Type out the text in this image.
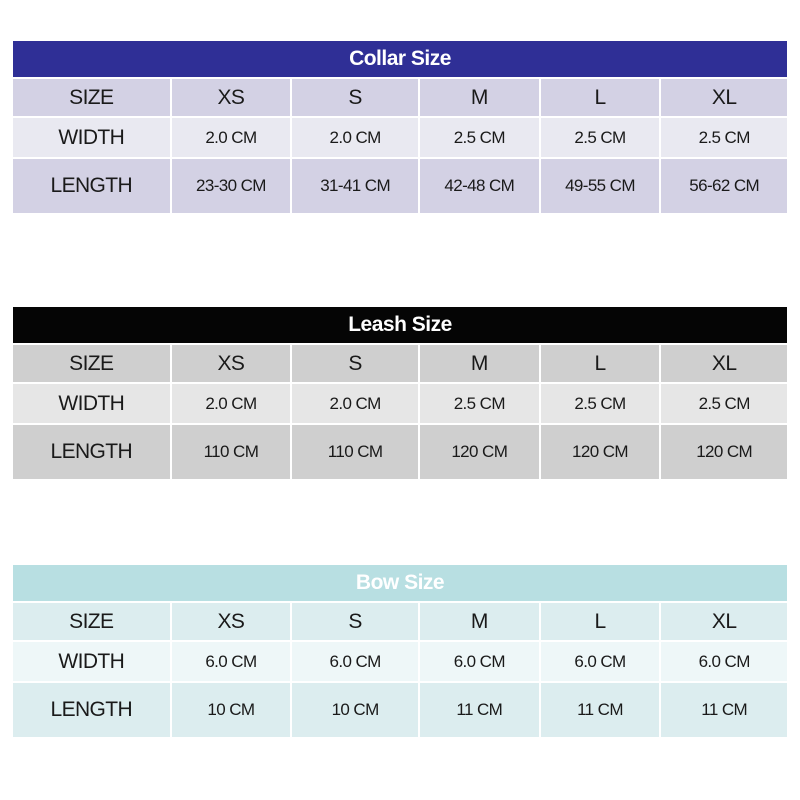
Collar Size
SIZE	XS	S	M	L	XL
WIDTH	2.0 CM	2.0 CM	2.5 CM	2.5 CM	2.5 CM
LENGTH	23-30 CM	31-41 CM	42-48 CM	49-55 CM	56-62 CM
Leash Size
SIZE	XS	S	M	L	XL
WIDTH	2.0 CM	2.0 CM	2.5 CM	2.5 CM	2.5 CM
LENGTH	110 CM	110 CM	120 CM	120 CM	120 CM
Bow Size
SIZE	XS	S	M	L	XL
WIDTH	6.0 CM	6.0 CM	6.0 CM	6.0 CM	6.0 CM
LENGTH	10 CM	10 CM	11 CM	11 CM	11 CM
